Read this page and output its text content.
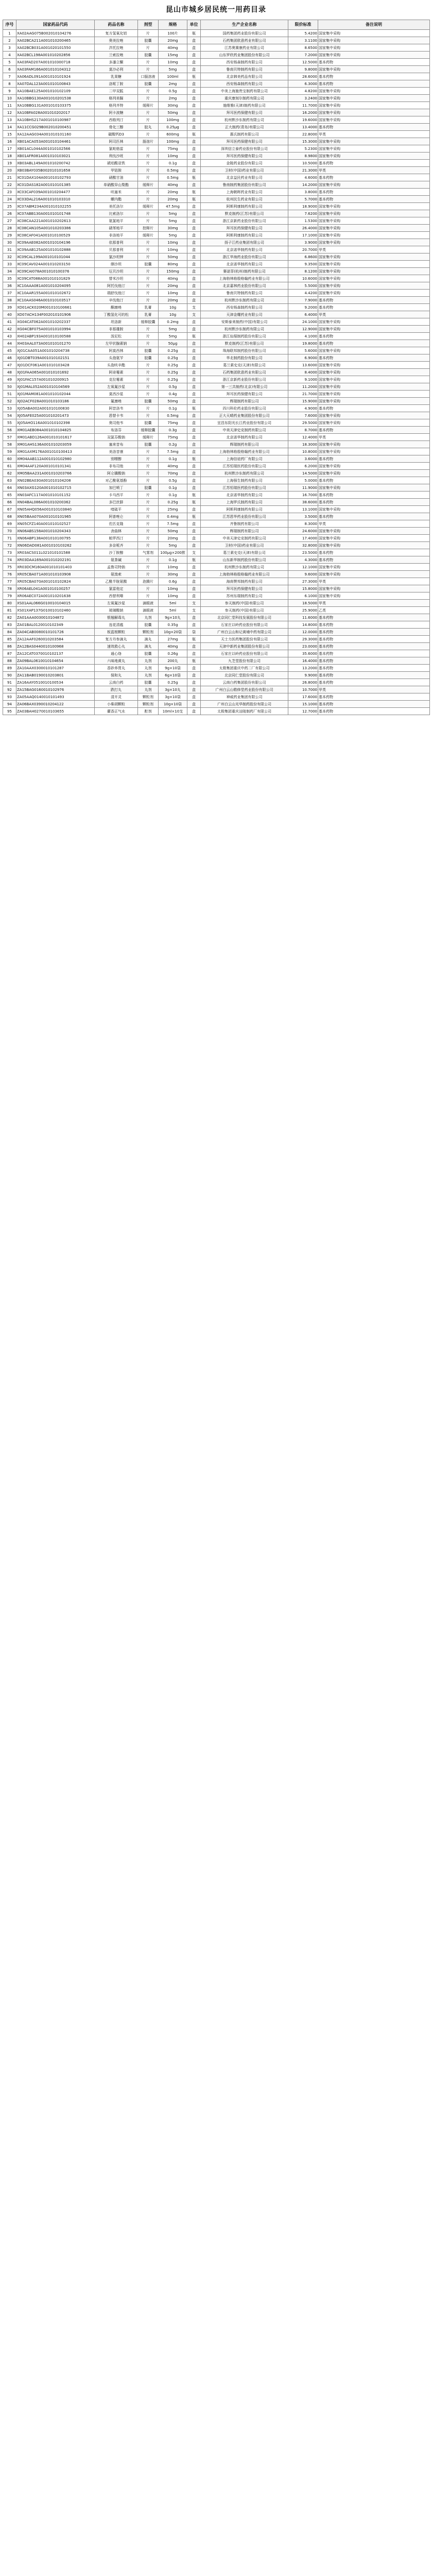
昆山市城乡居民统一用药目录
序号	国家药品代码	药品名称	剂型	规格	单位	生产企业名称	限价标准	备注说明
1	XA02AAG075B002010104276	复方氢氧化铝	片	100片	瓶	国药集团药业股份有限公司	5.4200	国家集中采购
2	XA02BCA211A001010200465	奥美拉唑	胶囊	20mg	盒	石药集团欧意药业有限公司	3.1100	国家集中采购
3	XA02BCB031A001020101550	泮托拉唑	片	40mg	盒	江苏奥赛康药业有限公司	8.6500	国家集中采购
4	XA02BCL198A001010202856	兰索拉唑	胶囊	15mg	盒	山东罗欣药业集团股份有限公司	7.2000	国家集中采购
5	XA03FAD207A001010300718	多潘立酮	片	10mg	盒	西安杨森制药有限公司	12.5000	基本药物
6	XA03FAM166A001010104312	莫沙必利	片	5mg	盒	鲁南贝特制药有限公司	9.8000	国家集中采购
7	XA06ADL091A001010101924	乳果糖	口服溶液	100ml	瓶	北京韩美药品有限公司	28.6000	基本药物
8	XA07DAL123A001010100843	洛哌丁胺	胶囊	2mg	盒	西安杨森制药有限公司	6.3000	基本药物
9	XA10BAE125A001010102109	二甲双胍	片	0.5g	盒	中美上海施贵宝制药有限公司	4.8200	国家集中采购
10	XA10BBG130A001010201538	格列美脲	片	2mg	盒	重庆康刻尔制药有限公司	3.2400	国家集中采购
11	XA10BBG131A001010103375	格列齐特	缓释片	30mg	盒	施维雅(天津)制药有限公司	11.7000	国家集中采购
12	XA10BFA028A001010202017	阿卡波糖	片	50mg	盒	拜耳医药保健有限公司	16.2000	国家集中采购
13	XA10BHS217A001010100987	西格列汀	片	100mg	盒	杭州默沙东制药有限公司	19.6000	国家集中采购
14	XA11CCG029B002010200451	骨化三醇	胶丸	0.25μg	盒	正大制药(青岛)有限公司	13.4000	基本药物
15	XA12AAG034A001010101160	碳酸钙D3	片	600mg	瓶	惠氏制药有限公司	22.8000	甲类
16	XB01ACA053A001010104461	阿司匹林	肠溶片	100mg	盒	拜耳医药保健有限公司	15.3000	国家集中采购
17	XB01ACL044A001010102566	氯吡格雷	片	75mg	盒	深圳信立泰药业股份有限公司	5.2300	国家集中采购
18	XB01AFR081A001010103021	利伐沙班	片	10mg	盒	拜耳医药保健有限公司	8.9800	国家集中采购
19	XB03ABL149A001010200742	琥珀酸亚铁	片	0.1g	盒	金陵药业股份有限公司	10.5000	基本药物
20	XB03BAY035B002010101658	甲钴胺	片	0.5mg	盒	卫材(中国)药业有限公司	21.3000	甲类
21	XC01DAX104A001010102793	硝酸甘油	片	0.5mg	瓶	北京益民药业有限公司	4.6000	基本药物
22	XC01DAS182A001010101385	单硝酸异山梨酯	缓释片	40mg	盒	鲁南制药集团股份有限公司	14.2000	国家集中采购
23	XC03CAF039A001010204477	呋塞米	片	20mg	瓶	上海朝晖药业有限公司	3.8000	基本药物
24	XC03DAL216A001010103310	螺内酯	片	20mg	瓶	杭州民生药业有限公司	5.7000	基本药物
25	XC07ABM234A001010102255	美托洛尔	缓释片	47.5mg	盒	阿斯利康制药有限公司	18.9000	国家集中采购
26	XC07ABB130A001010101748	比索洛尔	片	5mg	盒	默克制药(江苏)有限公司	7.6200	国家集中采购
27	XC08CAA221A001010202613	氨氯地平	片	5mg	盒	浙江京新药业股份有限公司	1.5300	国家集中采购
28	XC08CAN105A001010203386	硝苯地平	控释片	30mg	盒	拜耳医药保健有限公司	26.4000	国家集中采购
29	XC08CAF041A001010100529	非洛地平	缓释片	5mg	盒	阿斯利康制药有限公司	17.1000	国家集中采购
30	XC09AAE082A001010104196	依那普利	片	10mg	盒	扬子江药业集团有限公司	3.9000	国家集中采购
31	XC09AAB125A001010102888	贝那普利	片	10mg	盒	北京诺华制药有限公司	20.7000	甲类
32	XC09CAL199A001010101044	氯沙坦钾	片	50mg	盒	浙江华海药业股份有限公司	6.8600	国家集中采购
33	XC09CAV024A001010203150	缬沙坦	胶囊	80mg	盒	北京诺华制药有限公司	9.3500	国家集中采购
34	XC09CAI078A001010100376	厄贝沙坦	片	150mg	盒	赛诺菲(杭州)制药有限公司	8.1200	国家集中采购
35	XC09CAT088A001010101829	替米沙坦	片	40mg	盒	上海勃林格殷格翰药业有限公司	10.6000	国家集中采购
36	XC10AAA081A001010204095	阿托伐他汀	片	20mg	盒	北京嘉林药业股份有限公司	5.5000	国家集中采购
37	XC10AAR155A001010102672	瑞舒伐他汀	片	10mg	盒	鲁南贝特制药有限公司	4.4200	国家集中采购
38	XC10AAS046A001010103517	辛伐他汀	片	20mg	盒	杭州默沙东制药有限公司	7.9000	基本药物
39	XD01ACK020M001010100661	酮康唑	乳膏	10g	支	西安杨森制药有限公司	9.2000	基本药物
40	XD07ACH134F002010101906	丁酸氢化可的松	乳膏	10g	支	天津金耀药业有限公司	6.4000	甲类
41	XG04CAT062A001010202337	坦洛新	缓释胶囊	0.2mg	盒	安斯泰来制药(中国)有限公司	24.1000	国家集中采购
42	XG04CBF075A001010103994	非那雄胺	片	5mg	盒	杭州默沙东制药有限公司	12.9000	国家集中采购
43	XH02ABP193A001010100588	泼尼松	片	5mg	瓶	浙江仙琚制药股份有限公司	4.1000	基本药物
44	XH03AAL073A001010101270	左甲状腺素钠	片	50μg	盒	默克制药(江苏)有限公司	19.8000	基本药物
45	XJ01CAA051A001010204738	阿莫西林	胶囊	0.25g	盒	珠海联邦制药股份有限公司	5.6000	国家集中采购
46	XJ01DBT039A001010102151	头孢氨苄	胶囊	0.25g	盒	华北制药股份有限公司	6.9000	基本药物
47	XJ01DCF061A001010103428	头孢呋辛酯	片	0.25g	盒	葛兰素史克(天津)有限公司	13.6000	国家集中采购
48	XJ01FAA065A001010101692	阿奇霉素	片	0.25g	盒	石药集团欧意药业有限公司	8.4000	国家集中采购
49	XJ01FAC157A001010200915	克拉霉素	片	0.25g	盒	浙江京新药业股份有限公司	9.1000	国家集中采购
50	XJ01MAL052A001010104569	左氧氟沙星	片	0.5g	盒	第一三共制药(北京)有限公司	11.2000	国家集中采购
51	XJ01MAM081A001010102044	莫西沙星	片	0.4g	盒	拜耳医药保健有限公司	21.7000	国家集中采购
52	XJ02ACF028A001010103186	氟康唑	胶囊	50mg	盒	辉瑞制药有限公司	15.9000	国家集中采购
53	XJ05ABA002A001010100830	阿昔洛韦	片	0.1g	瓶	四川科伦药业股份有限公司	4.9000	基本药物
54	XJ05AFE025A001010201473	恩替卡韦	片	0.5mg	盒	正大天晴药业集团股份有限公司	7.6000	国家集中采购
55	XJ05AHO116A001010102398	奥司他韦	胶囊	75mg	盒	宜昌东阳光长江药业股份有限公司	29.5000	国家集中采购
56	XM01AEB084A001010104825	布洛芬	缓释胶囊	0.3g	盒	中美天津史克制药有限公司	8.7000	基本药物
57	XM01ABD126A001010101617	双氯芬酸钠	缓释片	75mg	盒	北京诺华制药有限公司	12.4000	甲类
58	XM01AHS136A001010203059	塞来昔布	胶囊	0.2g	盒	辉瑞制药有限公司	18.3000	国家集中采购
59	XM01AXM176A001010100413	美洛昔康	片	7.5mg	盒	上海勃林格殷格翰药业有限公司	10.8000	国家集中采购
60	XM04AAB112A001010102980	别嘌醇	片	0.1g	瓶	上海信谊药厂有限公司	3.6000	基本药物
61	XM04AAF120A001010101341	非布司他	片	40mg	盒	江苏恒瑞医药股份有限公司	6.2000	国家集中采购
62	XM05BAA231A001010203766	阿仑膦酸钠	片	70mg	盒	杭州默沙东制药有限公司	14.5000	国家集中采购
63	XN02BEA030A001010104208	对乙酰氨基酚	片	0.5g	盒	上海强生制药有限公司	5.0000	基本药物
64	XN03AXG120A001010102715	加巴喷丁	胶囊	0.1g	盒	江苏恒瑞医药股份有限公司	11.9000	国家集中采购
65	XN03AFC117A001010101152	卡马西平	片	0.1g	瓶	北京诺华制药有限公司	16.7000	基本药物
66	XN04BAL086A001010200362	多巴丝肼	片	0.25g	瓶	上海罗氏制药有限公司	38.6000	基本药物
67	XN05AHQ056A001010103840	喹硫平	片	25mg	盒	阿斯利康制药有限公司	13.1000	国家集中采购
68	XN05BAA070A001010101965	阿普唑仑	片	0.4mg	瓶	江苏恩华药业股份有限公司	3.5000	基本药物
69	XN05CFZ140A001010102527	佐匹克隆	片	7.5mg	盒	齐鲁制药有限公司	8.3000	甲类
70	XN06ABS158A001010204343	舍曲林	片	50mg	盒	辉瑞制药有限公司	24.6000	国家集中采购
71	XN06ABP138A001010100795	帕罗西汀	片	20mg	盒	中美天津史克制药有限公司	17.4000	国家集中采购
72	XN06DAD081A001010103262	多奈哌齐	片	5mg	盒	卫材(中国)药业有限公司	32.8000	国家集中采购
73	XR03ACS011L021010101588	沙丁胺醇	气雾剂	100μg×200揿	支	葛兰素史克(天津)有限公司	23.5000	基本药物
74	XR03DAA169A001010202191	氨茶碱	片	0.1g	瓶	山东新华制药股份有限公司	4.3000	基本药物
75	XR03DCM160A001010101403	孟鲁司特钠	片	10mg	盒	杭州默沙东制药有限公司	12.1000	国家集中采购
76	XR05CBA071A001010103908	氨溴索	片	30mg	盒	上海勃林格殷格翰药业有限公司	9.6000	国家集中采购
77	XR05CBA070A001010102824	乙酰半胱氨酸	泡腾片	0.6g	盒	海南赞邦制药有限公司	27.3000	甲类
78	XR06AEL041A001010100257	氯雷他定	片	10mg	盒	拜耳医药保健有限公司	15.8000	国家集中采购
79	XR06AEC072A001010201638	西替利嗪	片	10mg	盒	苏州东瑞制药有限公司	6.1000	国家集中采购
80	XS01AAL066G010010104015	左氧氟沙星	滴眼液	5ml	支	参天制药(中国)有限公司	18.5000	甲类
81	XS01XAP137G010010102460	玻璃酸钠	滴眼液	5ml	支	参天制药(中国)有限公司	25.9000	乙类
82	ZA01AAA0030010104872	银翘解毒丸	丸剂	9g×10丸	盒	北京同仁堂科技发展股份有限公司	11.6000	基本药物
83	ZA01BAL0120010102349	连花清瘟	胶囊	0.35g	盒	石家庄以岭药业股份有限公司	14.8000	基本药物
84	ZA04CAB0080010101726	板蓝根颗粒	颗粒剂	10g×20袋	袋	广州白云山和记黄埔中药有限公司	12.0000	基本药物
85	ZA12AAF0260010203584	复方丹参滴丸	滴丸	27mg	瓶	天士力医药集团股份有限公司	29.3000	基本药物
86	ZA12BAS0440010100968	速效救心丸	滴丸	40mg	盒	天津中新药业集团股份有限公司	23.0000	基本药物
87	ZA12CAT0370010102137	通心络	胶囊	0.26g	盒	石家庄以岭药业股份有限公司	35.6000	基本药物
88	ZA09BAL0610010104654	六味地黄丸	丸剂	200丸	瓶	九芝堂股份有限公司	16.4000	基本药物
89	ZA10AAX0300010101287	香砂养胃丸	丸剂	9g×10袋	盒	太极集团重庆中药二厂有限公司	13.2000	基本药物
90	ZA11BAB0190010203801	保和丸	丸剂	6g×10袋	盒	北京同仁堂股份有限公司	9.9000	基本药物
91	ZA16AAY0510010100534	云南白药	胶囊	0.25g	盒	云南白药集团股份有限公司	26.8000	基本药物
92	ZA15BAG0160010102976	跌打丸	丸剂	3g×10丸	盒	广州白云山敬修堂药业股份有限公司	10.7000	甲类
93	ZA05AAQ0140010101493	清开灵	颗粒剂	3g×10袋	盒	神威药业集团有限公司	17.6000	基本药物
94	ZA06BAX0390010204122	小柴胡颗粒	颗粒剂	10g×10袋	盒	广州白云山光华制药股份有限公司	15.1000	基本药物
95	ZA03BAH0270010103655	藿香正气水	酊剂	10ml×10支	盒	太极集团重庆涪陵制药厂有限公司	12.7000	基本药物
